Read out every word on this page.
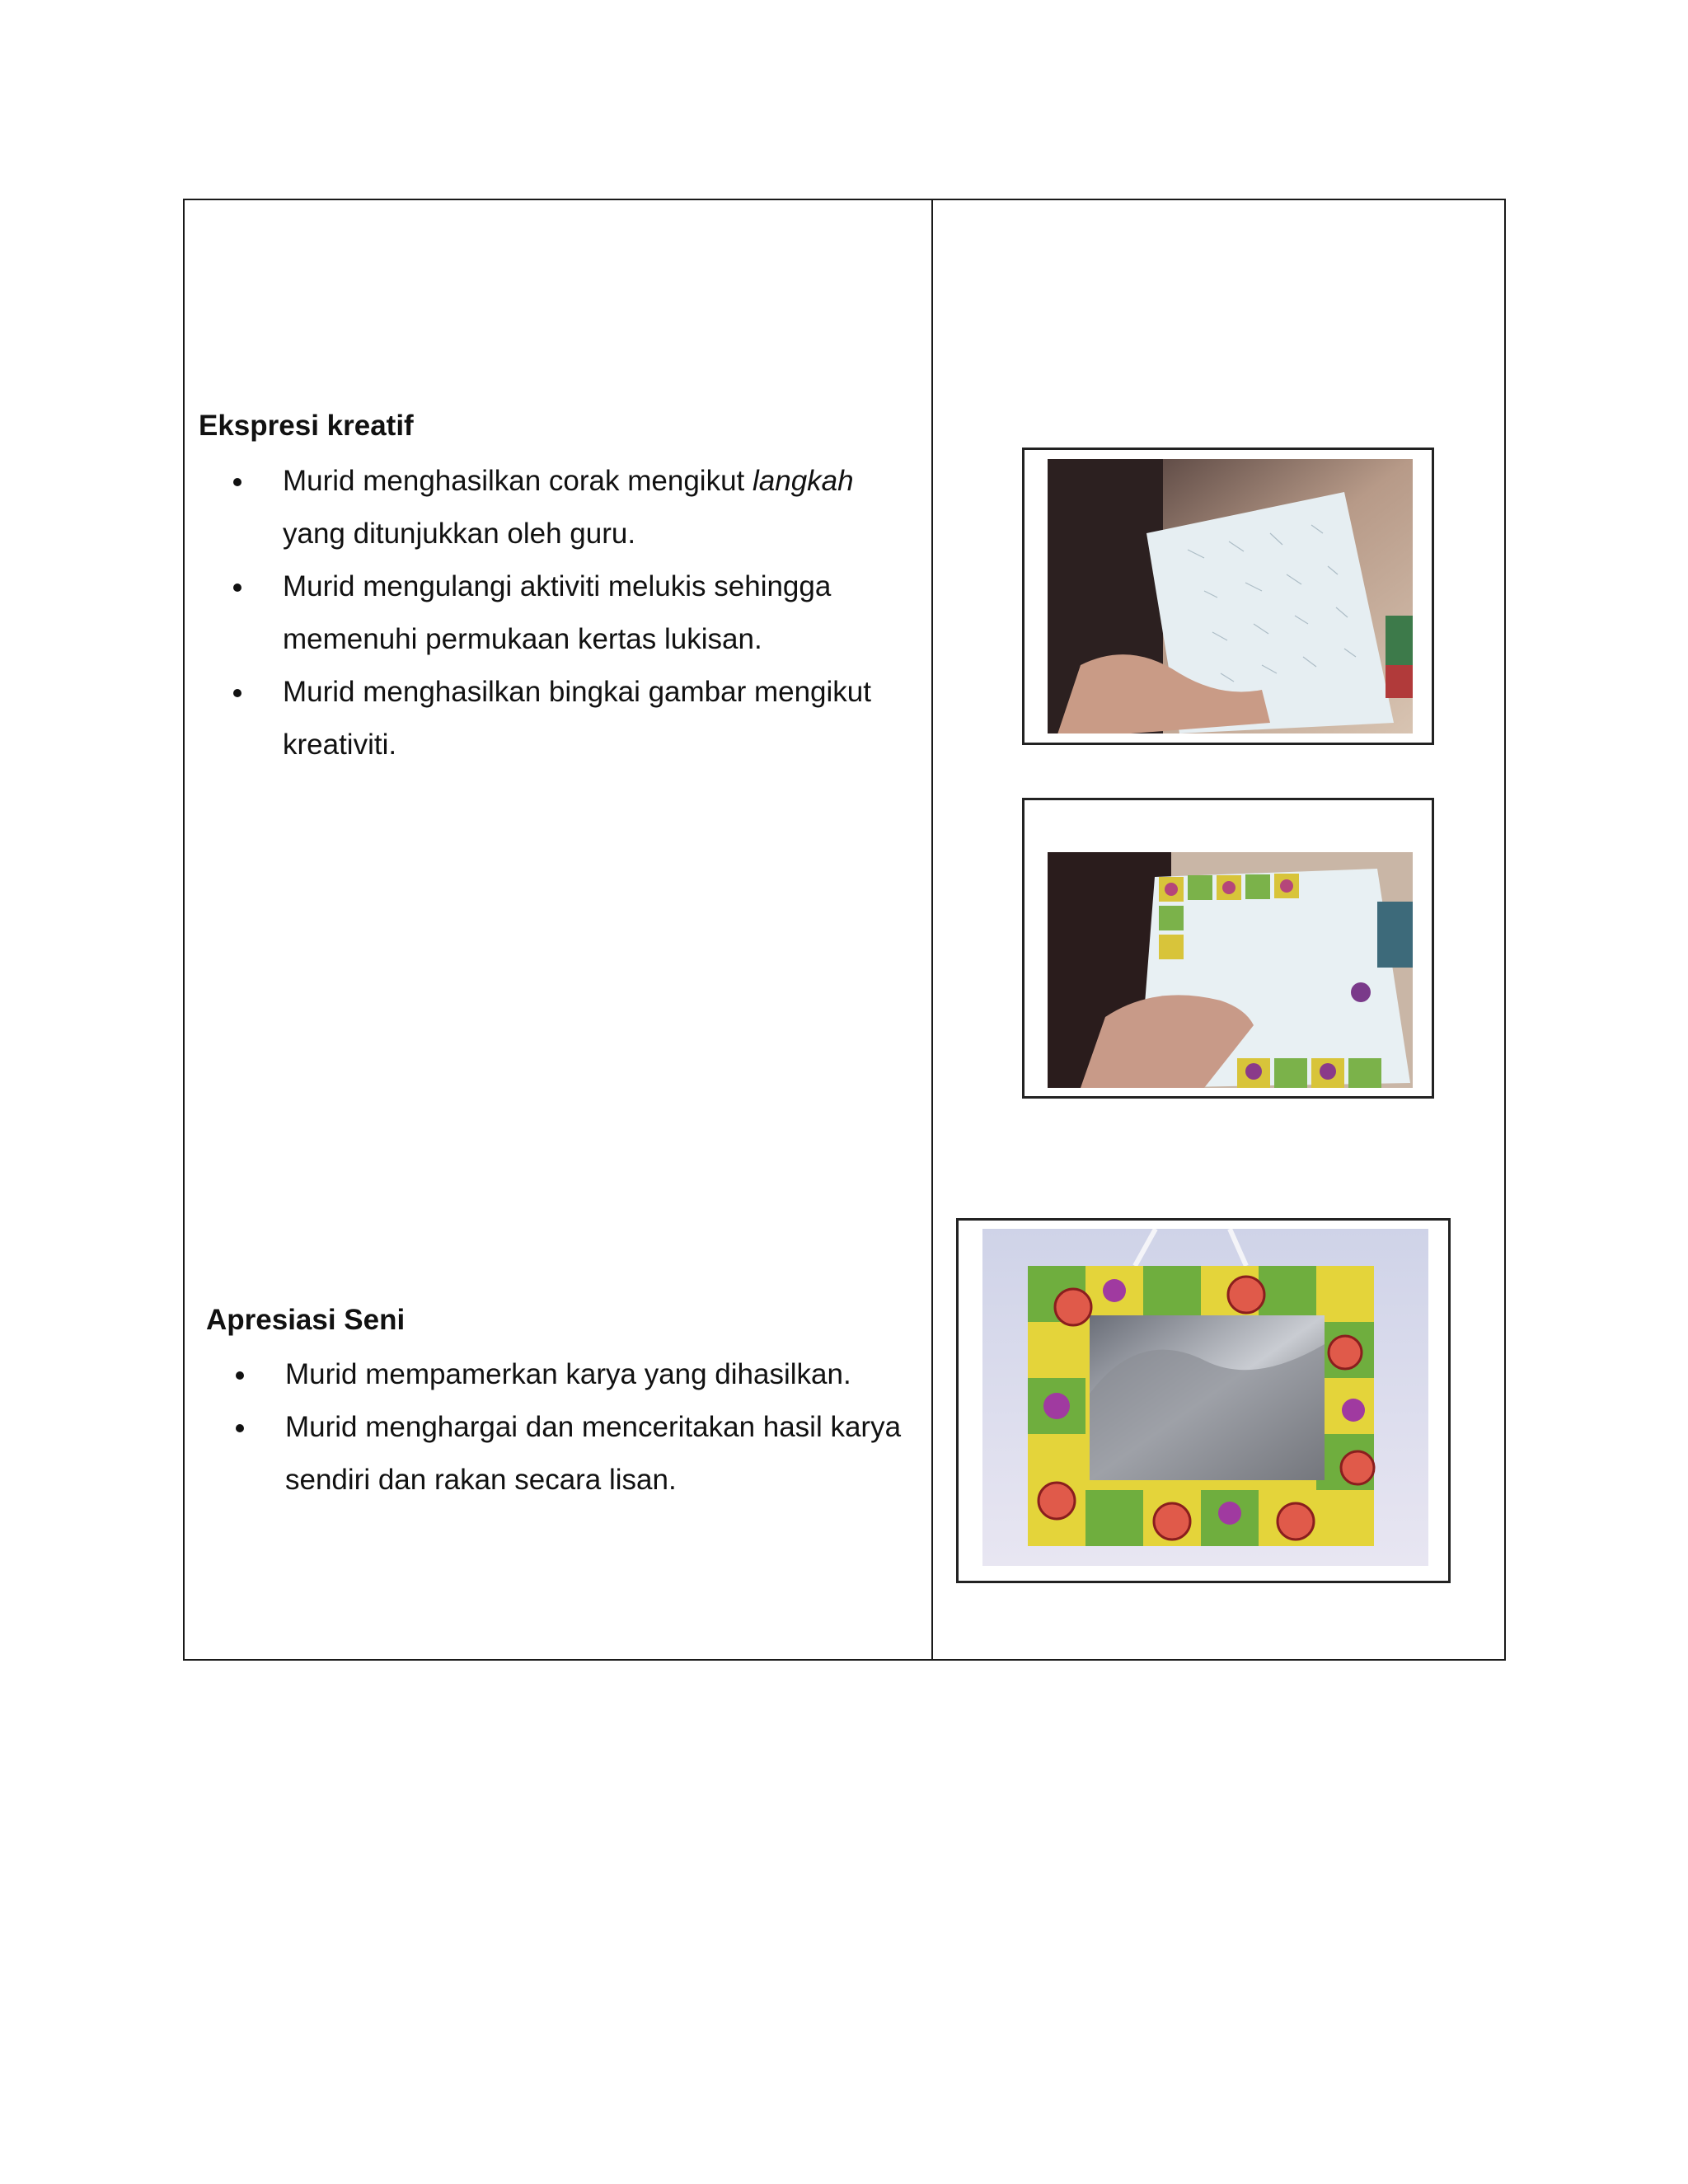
Ekspresi kreatif
Murid menghasilkan corak mengikut langkah yang ditunjukkan oleh guru.
Murid mengulangi aktiviti melukis sehingga memenuhi permukaan kertas lukisan.
Murid menghasilkan bingkai gambar mengikut kreativiti.
Apresiasi Seni
Murid mempamerkan karya yang dihasilkan.
Murid menghargai dan menceritakan hasil karya sendiri dan rakan secara lisan.
